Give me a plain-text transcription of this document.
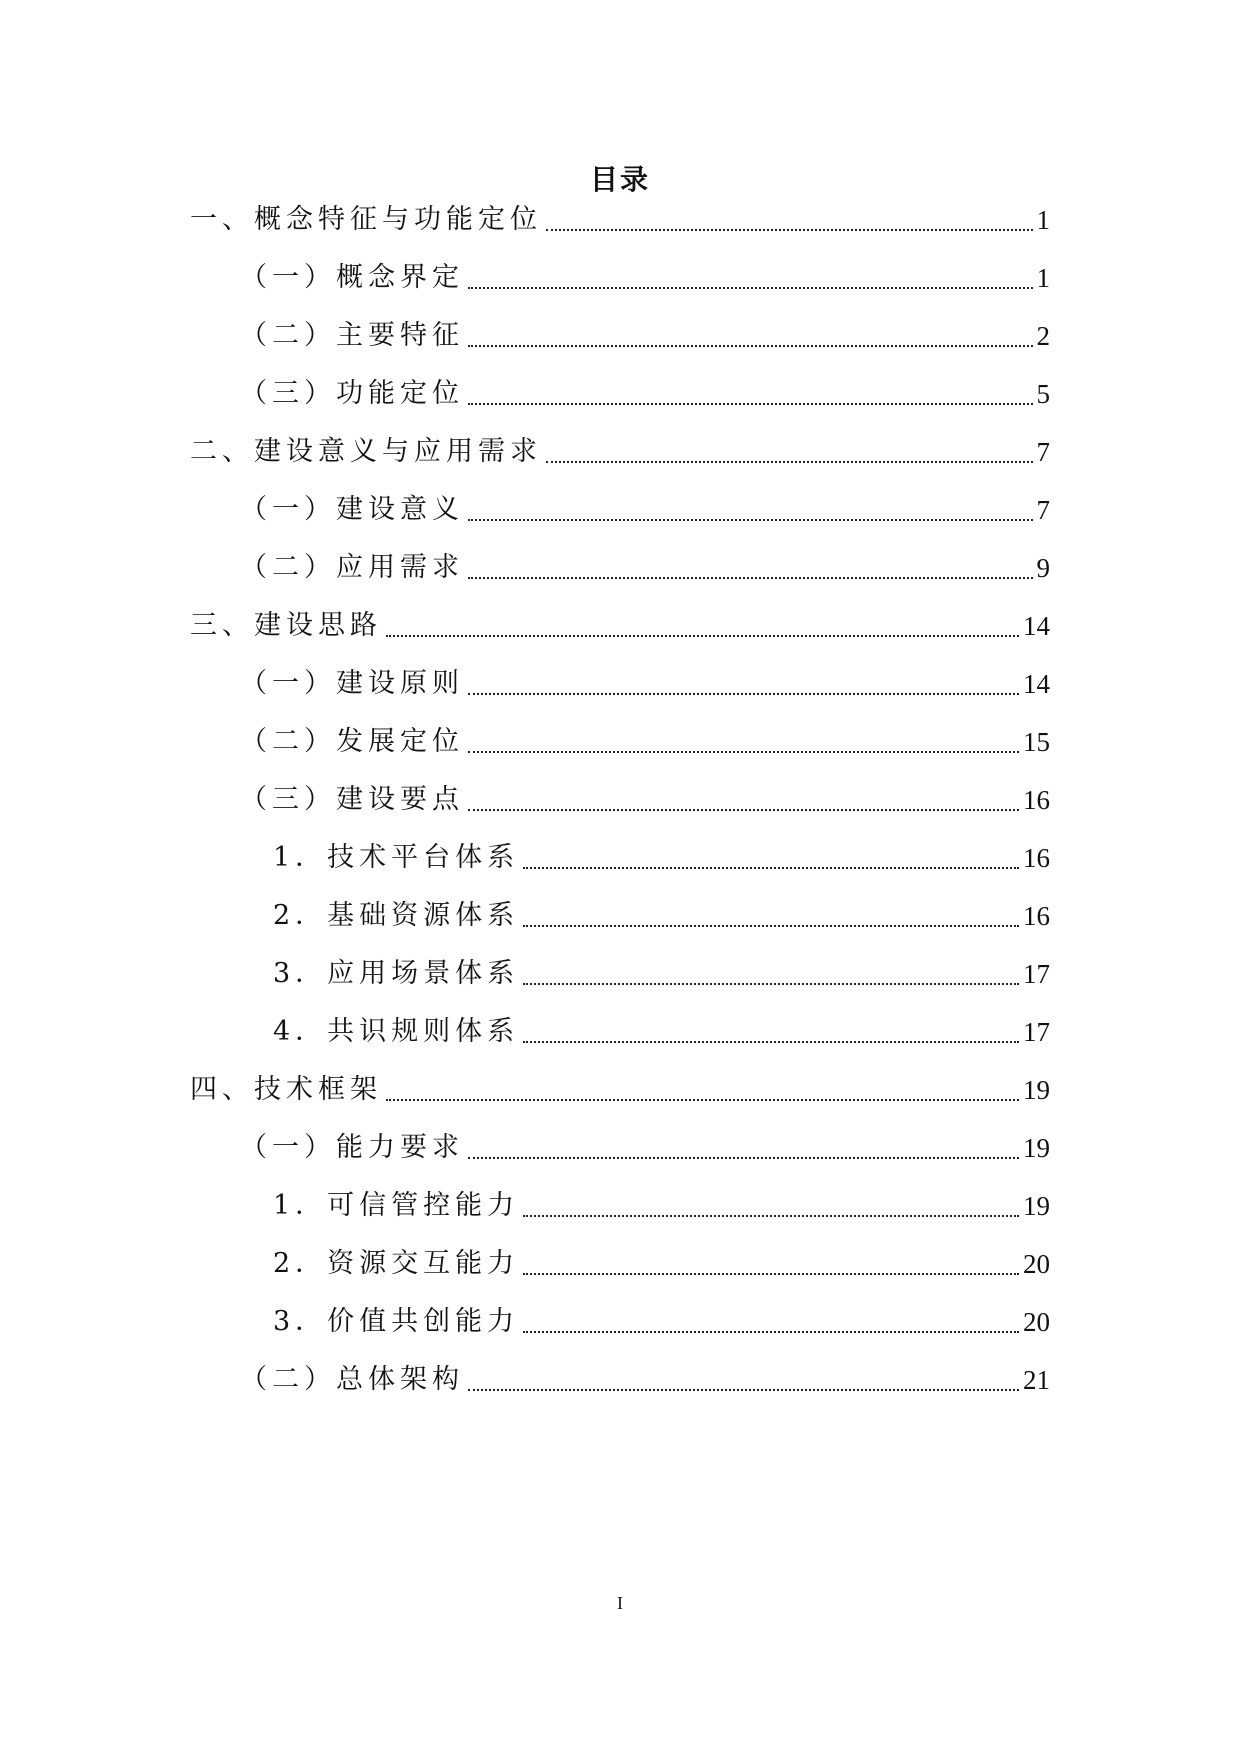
目录
一、概念特征与功能定位	1
（一）概念界定	1
（二）主要特征	2
（三）功能定位	5
二、建设意义与应用需求	7
（一）建设意义	7
（二）应用需求	9
三、建设思路	14
（一）建设原则	14
（二）发展定位	15
（三）建设要点	16
1．技术平台体系	16
2．基础资源体系	16
3．应用场景体系	17
4．共识规则体系	17
四、技术框架	19
（一）能力要求	19
1．可信管控能力	19
2．资源交互能力	20
3．价值共创能力	20
（二）总体架构	21
I
